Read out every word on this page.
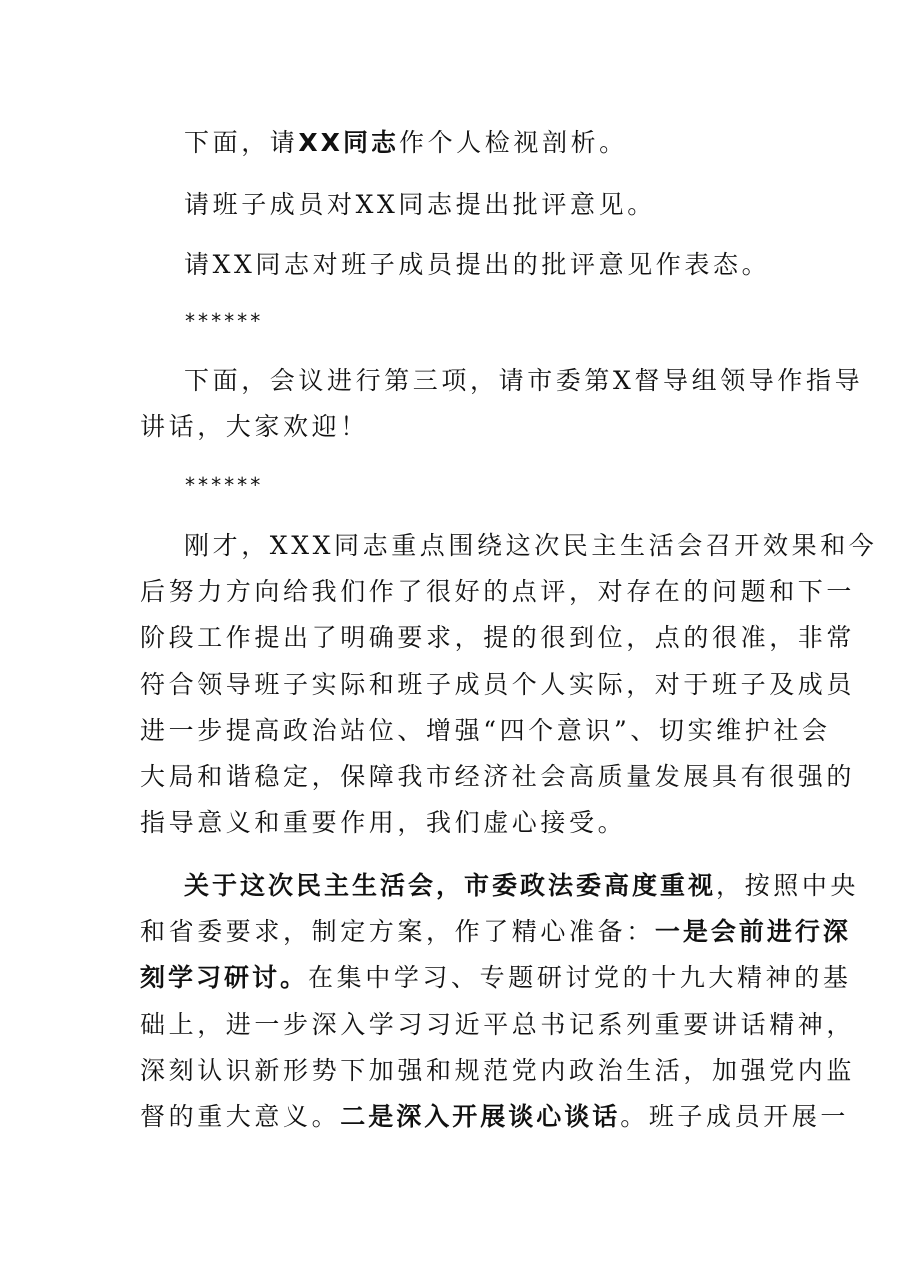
下面，请XX同志作个人检视剖析。
请班子成员对XX同志提出批评意见。
请XX同志对班子成员提出的批评意见作表态。
******
下面，会议进行第三项，请市委第X督导组领导作指导
讲话，大家欢迎！
******
刚才，XXX同志重点围绕这次民主生活会召开效果和今
后努力方向给我们作了很好的点评，对存在的问题和下一
阶段工作提出了明确要求，提的很到位，点的很准，非常
符合领导班子实际和班子成员个人实际，对于班子及成员
进一步提高政治站位、增强“四个意识”、切实维护社会
大局和谐稳定，保障我市经济社会高质量发展具有很强的
指导意义和重要作用，我们虚心接受。
关于这次民主生活会，市委政法委高度重视，按照中央
和省委要求，制定方案，作了精心准备：一是会前进行深
刻学习研讨。在集中学习、专题研讨党的十九大精神的基
础上，进一步深入学习习近平总书记系列重要讲话精神，
深刻认识新形势下加强和规范党内政治生活，加强党内监
督的重大意义。二是深入开展谈心谈话。班子成员开展一
